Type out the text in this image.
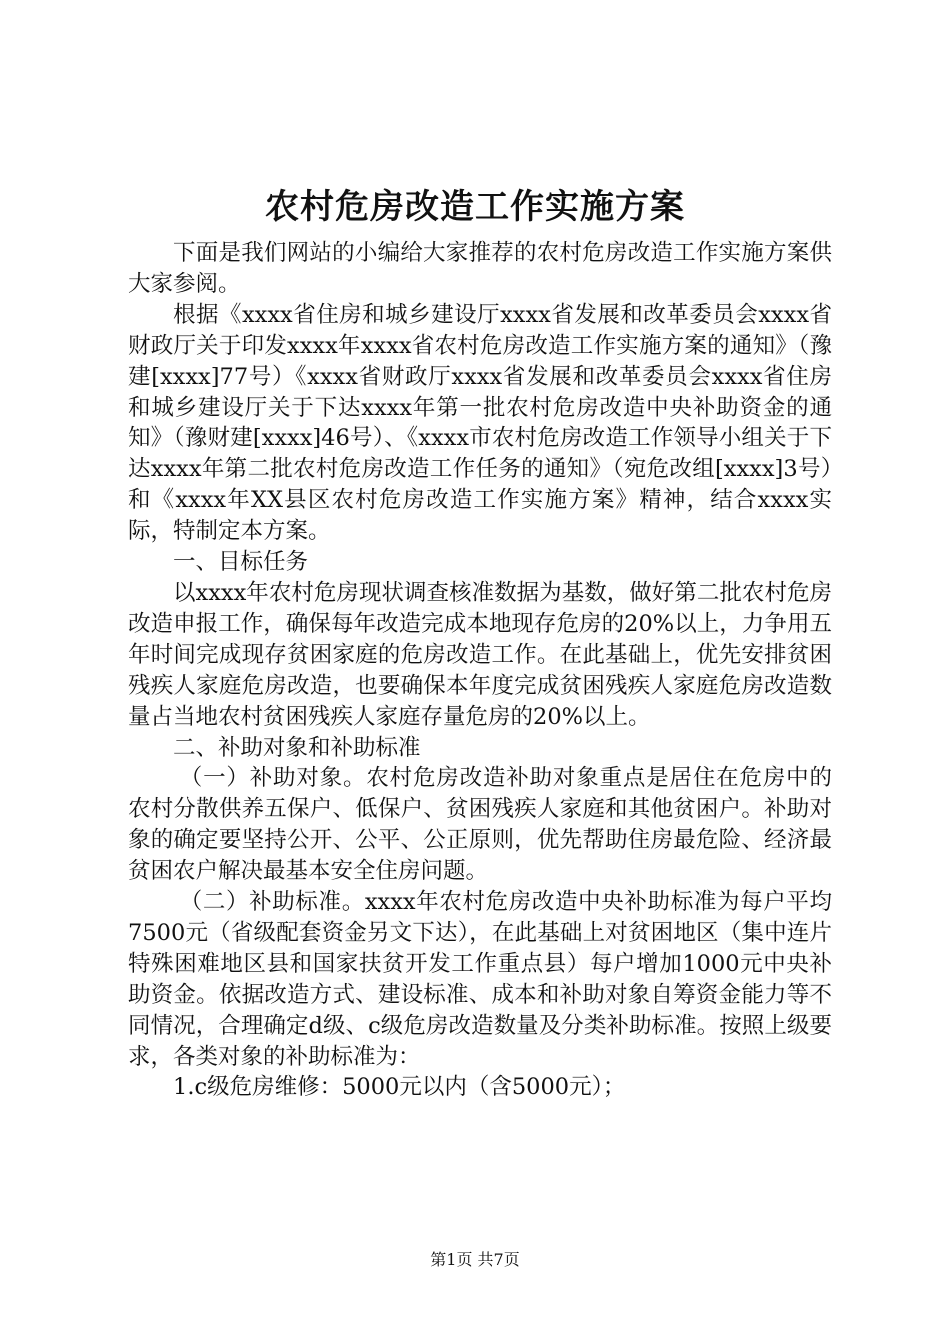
农村危房改造工作实施方案

下面是我们网站的小编给大家推荐的农村危房改造工作实施方案供大家参阅。

根据《xxxx省住房和城乡建设厅xxxx省发展和改革委员会xxxx省财政厅关于印发xxxx年xxxx省农村危房改造工作实施方案的通知》（豫建[xxxx]77号）《xxxx省财政厅xxxx省发展和改革委员会xxxx省住房和城乡建设厅关于下达xxxx年第一批农村危房改造中央补助资金的通知》（豫财建[xxxx]46号）、《xxxx市农村危房改造工作领导小组关于下达xxxx年第二批农村危房改造工作任务的通知》（宛危改组[xxxx]3号）和《xxxx年XX县区农村危房改造工作实施方案》精神，结合xxxx实际，特制定本方案。

一、目标任务

以xxxx年农村危房现状调查核准数据为基数，做好第二批农村危房改造申报工作，确保每年改造完成本地现存危房的20%以上，力争用五年时间完成现存贫困家庭的危房改造工作。在此基础上，优先安排贫困残疾人家庭危房改造，也要确保本年度完成贫困残疾人家庭危房改造数量占当地农村贫困残疾人家庭存量危房的20%以上。

二、补助对象和补助标准

（一）补助对象。农村危房改造补助对象重点是居住在危房中的农村分散供养五保户、低保户、贫困残疾人家庭和其他贫困户。补助对象的确定要坚持公开、公平、公正原则，优先帮助住房最危险、经济最贫困农户解决最基本安全住房问题。

（二）补助标准。xxxx年农村危房改造中央补助标准为每户平均7500元（省级配套资金另文下达），在此基础上对贫困地区（集中连片特殊困难地区县和国家扶贫开发工作重点县）每户增加1000元中央补助资金。依据改造方式、建设标准、成本和补助对象自筹资金能力等不同情况，合理确定d级、c级危房改造数量及分类补助标准。按照上级要求，各类对象的补助标准为：

1.c级危房维修：5000元以内（含5000元）；

第1页 共7页
